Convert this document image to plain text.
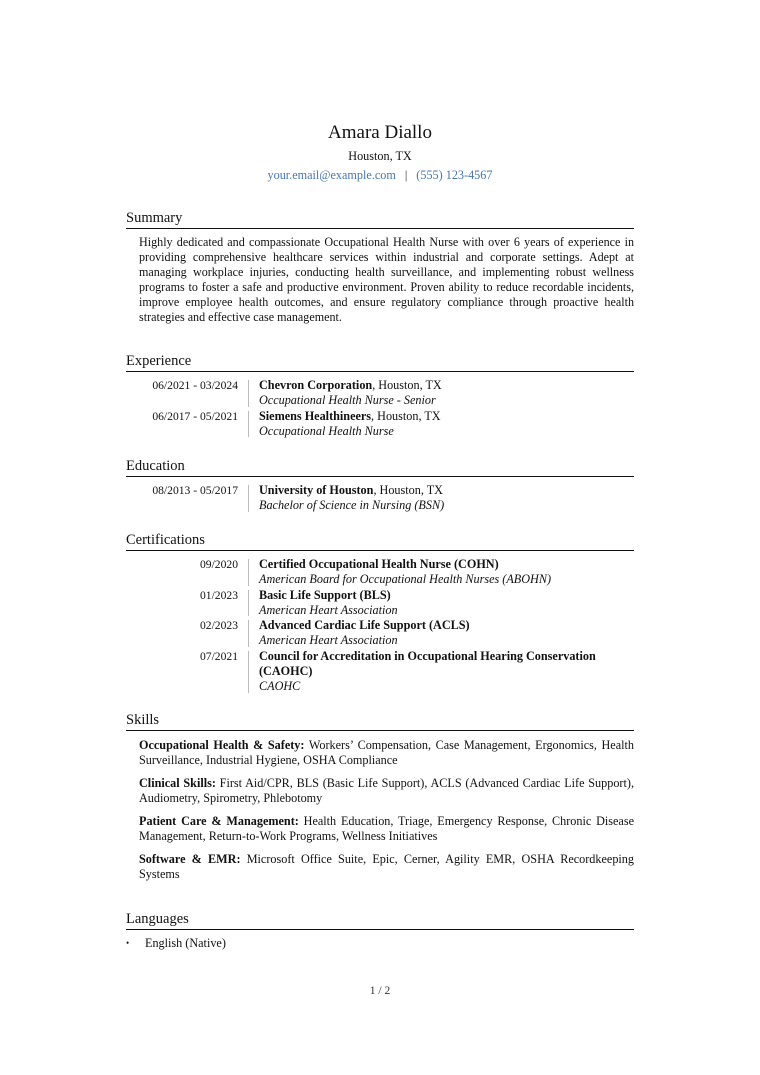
Amara Diallo
Houston, TX
your.email@example.com | (555) 123-4567
Summary
Highly dedicated and compassionate Occupational Health Nurse with over 6 years of experience in providing comprehensive healthcare services within industrial and corporate settings. Adept at managing workplace injuries, conducting health surveillance, and implementing robust wellness programs to foster a safe and productive environment. Proven ability to reduce recordable incidents, improve employee health outcomes, and ensure regulatory compliance through proactive health strategies and effective case management.
Experience
06/2021 - 03/2024 Chevron Corporation, Houston, TX
Occupational Health Nurse - Senior
06/2017 - 05/2021 Siemens Healthineers, Houston, TX
Occupational Health Nurse
Education
08/2013 - 05/2017 University of Houston, Houston, TX
Bachelor of Science in Nursing (BSN)
Certifications
09/2020 Certified Occupational Health Nurse (COHN)
American Board for Occupational Health Nurses (ABOHN)
01/2023 Basic Life Support (BLS)
American Heart Association
02/2023 Advanced Cardiac Life Support (ACLS)
American Heart Association
07/2021 Council for Accreditation in Occupational Hearing Conservation (CAOHC)
CAOHC
Skills
Occupational Health & Safety: Workers’ Compensation, Case Management, Ergonomics, Health Surveillance, Industrial Hygiene, OSHA Compliance
Clinical Skills: First Aid/CPR, BLS (Basic Life Support), ACLS (Advanced Cardiac Life Support), Audiometry, Spirometry, Phlebotomy
Patient Care & Management: Health Education, Triage, Emergency Response, Chronic Disease Management, Return-to-Work Programs, Wellness Initiatives
Software & EMR: Microsoft Office Suite, Epic, Cerner, Agility EMR, OSHA Recordkeeping Systems
Languages
• English (Native)
1 / 2
